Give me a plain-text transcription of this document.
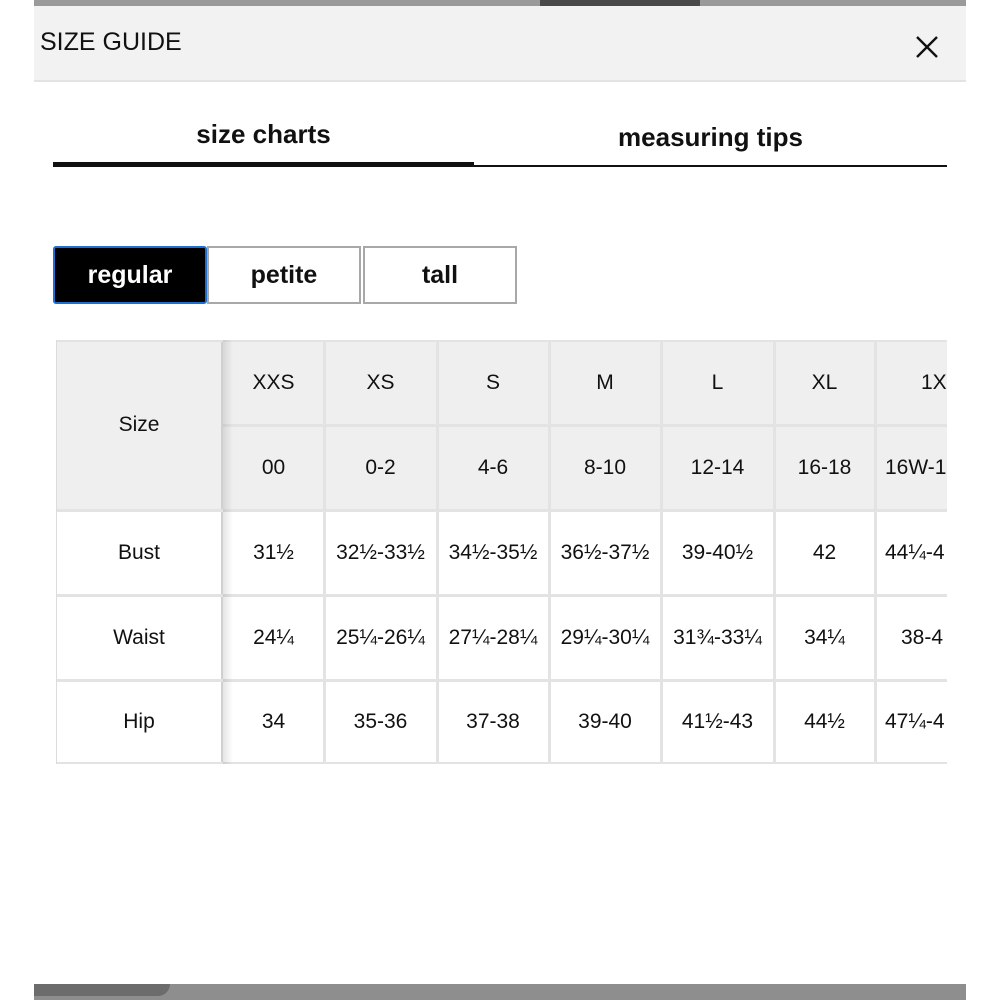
SIZE GUIDE
size charts	measuring tips
regular	petite	tall
Size
XXS	XS	S	M	L	XL	1X
00	0-2	4-6	8-10	12-14	16-18	16W-1
Bust	31½	32½-33½	34½-35½	36½-37½	39-40½	42	44¼-4
Waist	24¼	25¼-26¼	27¼-28¼	29¼-30¼	31¾-33¼	34¼	38-4
Hip	34	35-36	37-38	39-40	41½-43	44½	47¼-4
